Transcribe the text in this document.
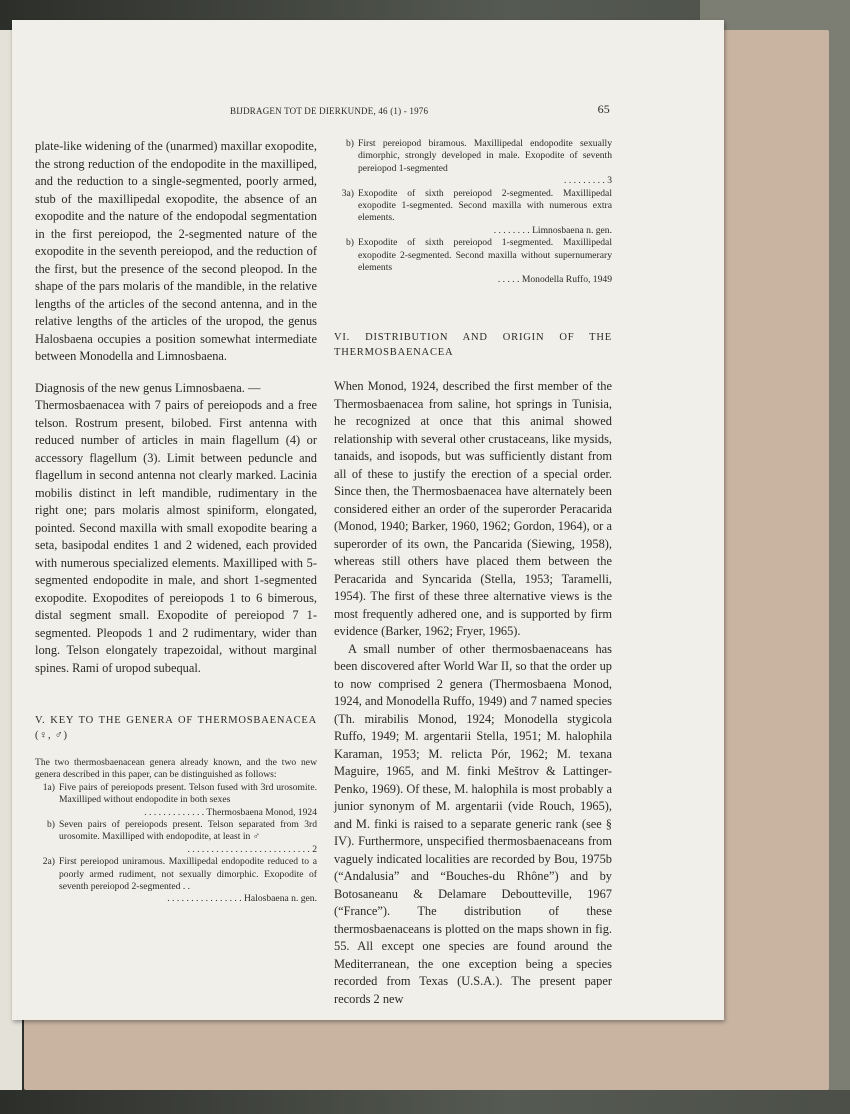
BIJDRAGEN TOT DE DIERKUNDE, 46 (1) - 1976	65

plate-like widening of the (unarmed) maxillar exopodite, the strong reduction of the endopodite in the maxilliped, and the reduction to a single-segmented, poorly armed, stub of the maxillipedal exopodite, the absence of an exopodite and the nature of the endopodal segmentation in the first pereiopod, the 2-segmented nature of the exopodite in the seventh pereiopod, and the reduction of the first, but the presence of the second pleopod. In the shape of the pars molaris of the mandible, in the relative lengths of the articles of the second antenna, and in the relative lengths of the articles of the uropod, the genus Halosbaena occupies a position somewhat intermediate between Monodella and Limnosbaena.

Diagnosis of the new genus Limnosbaena. —

Thermosbaenacea with 7 pairs of pereiopods and a free telson. Rostrum present, bilobed. First antenna with reduced number of articles in main flagellum (4) or accessory flagellum (3). Limit between peduncle and flagellum in second antenna not clearly marked. Lacinia mobilis distinct in left mandible, rudimentary in the right one; pars molaris almost spiniform, elongated, pointed. Second maxilla with small exopodite bearing a seta, basipodal endites 1 and 2 widened, each provided with numerous specialized elements. Maxilliped with 5-segmented endopodite in male, and short 1-segmented exopodite. Exopodites of pereiopods 1 to 6 bimerous, distal segment small. Exopodite of pereiopod 7 1-segmented. Pleopods 1 and 2 rudimentary, wider than long. Telson elongately trapezoidal, without marginal spines. Rami of uropod subequal.

V. KEY TO THE GENERA OF THERMOSBAENACEA (♀, ♂)

The two thermosbaenacean genera already known, and the two new genera described in this paper, can be distinguished as follows:

1a) Five pairs of pereiopods present. Telson fused with 3rd urosomite. Maxilliped without endopodite in both sexes
. . . . . . . . . . . . . Thermosbaena Monod, 1924
b) Seven pairs of pereiopods present. Telson separated from 3rd urosomite. Maxilliped with endopodite, at least in ♂
. . . . . . . . . . . . . . . . . . . . . . . . . . 2
2a) First pereiopod uniramous. Maxillipedal endopodite reduced to a poorly armed rudiment, not sexually dimorphic. Exopodite of seventh pereiopod 2-segmented . .
. . . . . . . . . . . . . . . . Halosbaena n. gen.
b) First pereiopod biramous. Maxillipedal endopodite sexually dimorphic, strongly developed in male. Exopodite of seventh pereiopod 1-segmented
. . . . . . . . . 3
3a) Exopodite of sixth pereiopod 2-segmented. Maxillipedal exopodite 1-segmented. Second maxilla with numerous extra elements.
. . . . . . . . Limnosbaena n. gen.
b) Exopodite of sixth pereiopod 1-segmented. Maxillipedal exopodite 2-segmented. Second maxilla without supernumerary elements
. . . . . Monodella Ruffo, 1949

VI. DISTRIBUTION AND ORIGIN OF THE THERMOSBAENACEA

When Monod, 1924, described the first member of the Thermosbaenacea from saline, hot springs in Tunisia, he recognized at once that this animal showed relationship with several other crustaceans, like mysids, tanaids, and isopods, but was sufficiently distant from all of these to justify the erection of a special order. Since then, the Thermosbaenacea have alternately been considered either an order of the superorder Peracarida (Monod, 1940; Barker, 1960, 1962; Gordon, 1964), or a superorder of its own, the Pancarida (Siewing, 1958), whereas still others have placed them between the Peracarida and Syncarida (Stella, 1953; Taramelli, 1954). The first of these three alternative views is the most frequently adhered one, and is supported by firm evidence (Barker, 1962; Fryer, 1965).

A small number of other thermosbaenaceans has been discovered after World War II, so that the order up to now comprised 2 genera (Thermosbaena Monod, 1924, and Monodella Ruffo, 1949) and 7 named species (Th. mirabilis Monod, 1924; Monodella stygicola Ruffo, 1949; M. argentarii Stella, 1951; M. halophila Karaman, 1953; M. relicta Pór, 1962; M. texana Maguire, 1965, and M. finki Meštrov & Lattinger-Penko, 1969). Of these, M. halophila is most probably a junior synonym of M. argentarii (vide Rouch, 1965), and M. finki is raised to a separate generic rank (see § IV). Furthermore, unspecified thermosbaenaceans from vaguely indicated localities are recorded by Bou, 1975b (“Andalusia” and “Bouches-du Rhône”) and by Botosaneanu & Delamare Deboutteville, 1967 (“France”). The distribution of these thermosbaenaceans is plotted on the maps shown in fig. 55. All except one species are found around the Mediterranean, the one exception being a species recorded from Texas (U.S.A.). The present paper records 2 new
